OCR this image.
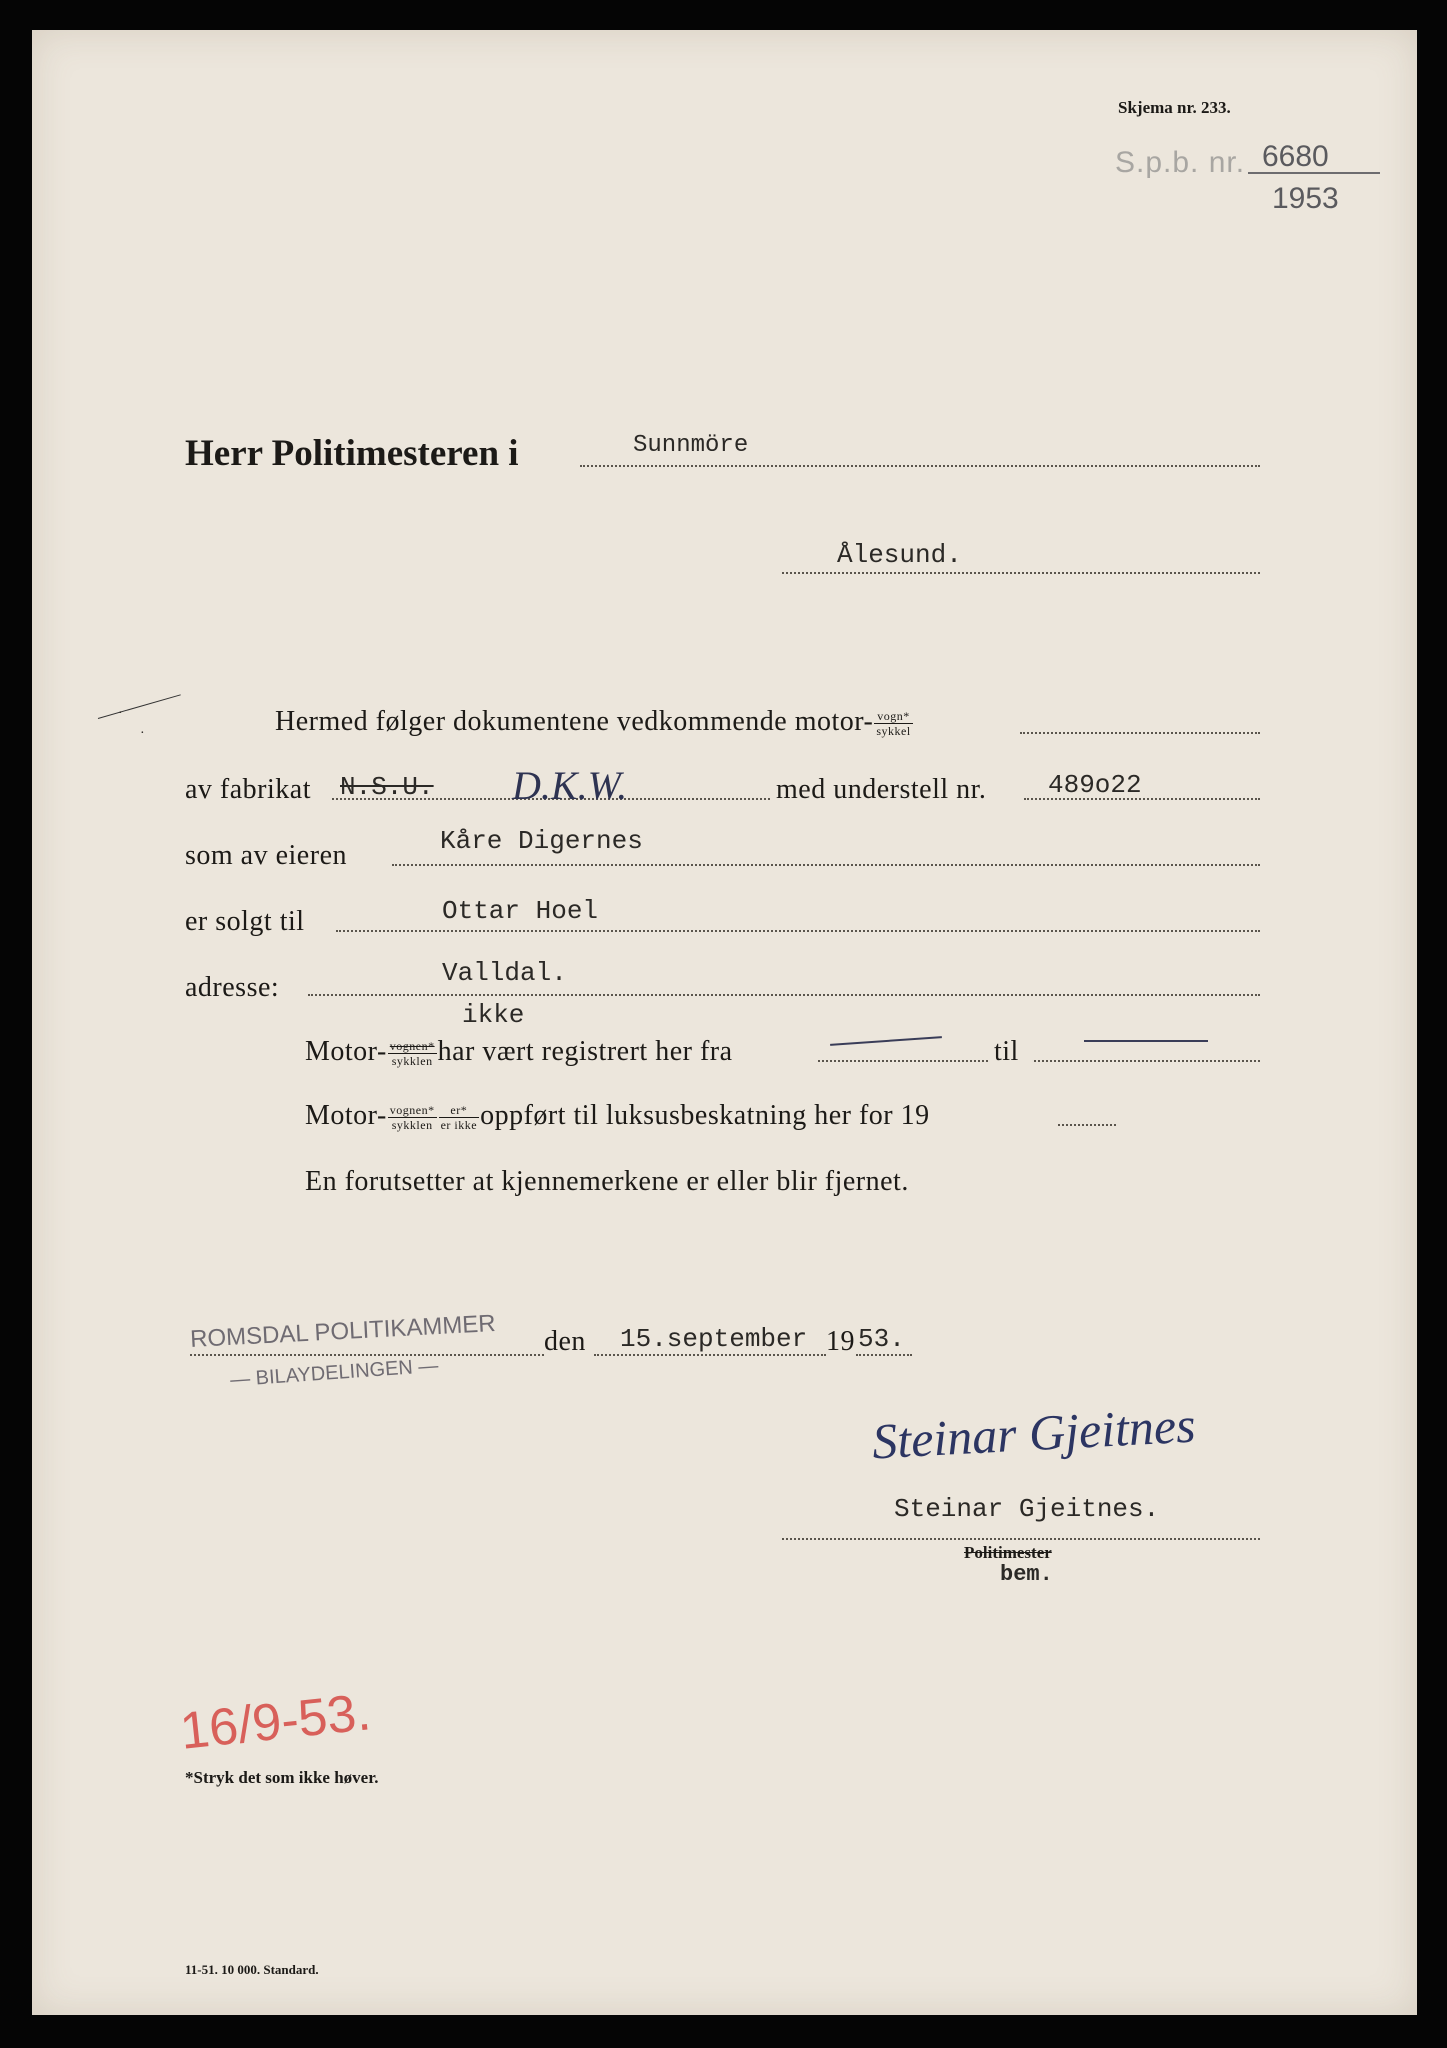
Skjema nr. 233.
S.p.b. nr. 6680
1953
Herr Politimesteren i	Sunnmöre
Ålesund.
·
·	Hermed følger dokumentene vedkommende motor- $\frac{\text{vogn*}}{\text{sykkel}}$
av fabrikat N.S.U. D.K.W.	med understell nr. 489o22
som av eieren	Kåre Digernes
er solgt til	Ottar Hoel
adresse:	Valldal.
ikke
Motor- $\frac{\text{vognen*}}{\text{sykklen}}$ har vært registrert her fra	til
Motor- $\frac{\text{vognen*}}{\text{sykklen}} \frac{er*}{\text{er ikke}}$ oppført til luksusbeskatning her for 19
En forutsetter at kjennemerkene er eller blir fjernet.
ROMSDAL POLITIKAMMER
— BILAYDELINGEN —
den 15.september 19 53.
Steinar Gjeitnes
Steinar Gjeitnes.
Politimester
bem.
16/9-53.
*Stryk det som ikke høver.
11-51. 10 000. Standard.
